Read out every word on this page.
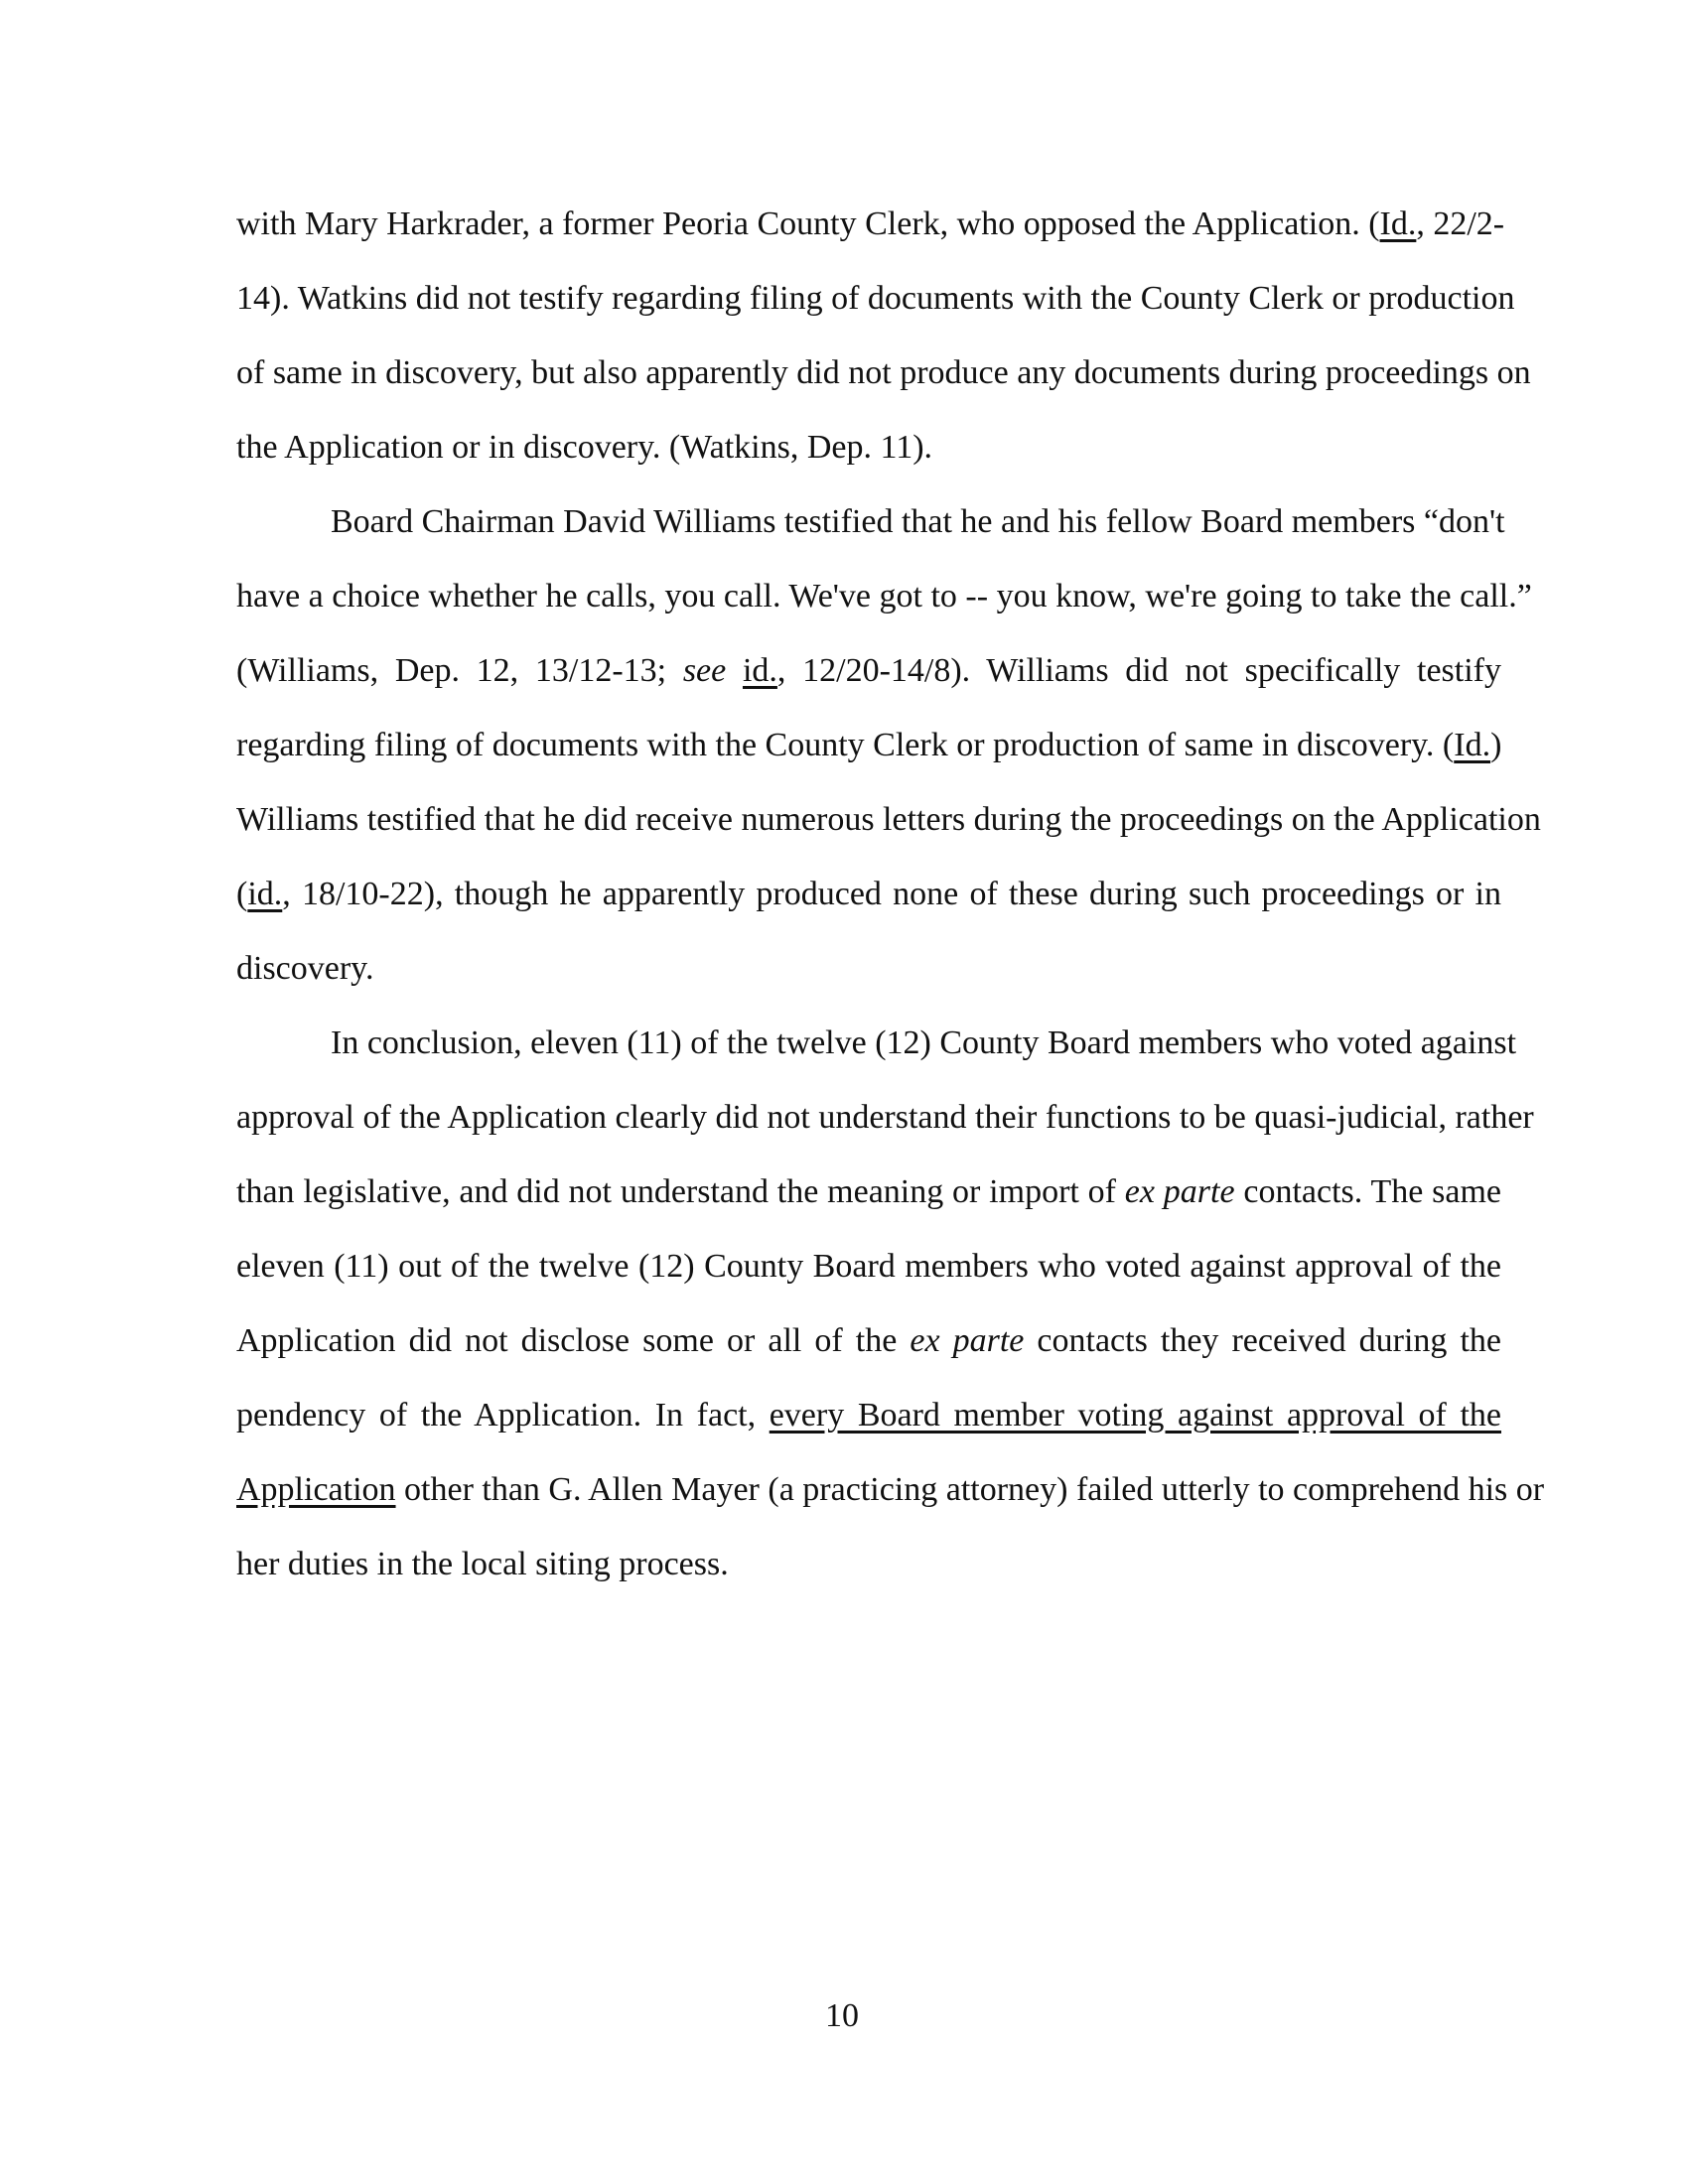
with Mary Harkrader, a former Peoria County Clerk, who opposed the Application. (Id., 22/2-
14). Watkins did not testify regarding filing of documents with the County Clerk or production
of same in discovery, but also apparently did not produce any documents during proceedings on
the Application or in discovery. (Watkins, Dep. 11).
Board Chairman David Williams testified that he and his fellow Board members “don't
have a choice whether he calls, you call. We've got to -- you know, we're going to take the call.”
(Williams, Dep. 12, 13/12-13; see id., 12/20-14/8). Williams did not specifically testify
regarding filing of documents with the County Clerk or production of same in discovery. (Id.)
Williams testified that he did receive numerous letters during the proceedings on the Application
(id., 18/10-22), though he apparently produced none of these during such proceedings or in
discovery.
In conclusion, eleven (11) of the twelve (12) County Board members who voted against
approval of the Application clearly did not understand their functions to be quasi-judicial, rather
than legislative, and did not understand the meaning or import of ex parte contacts. The same
eleven (11) out of the twelve (12) County Board members who voted against approval of the
Application did not disclose some or all of the ex parte contacts they received during the
pendency of the Application. In fact, every Board member voting against approval of the
Application other than G. Allen Mayer (a practicing attorney) failed utterly to comprehend his or
her duties in the local siting process.
10
